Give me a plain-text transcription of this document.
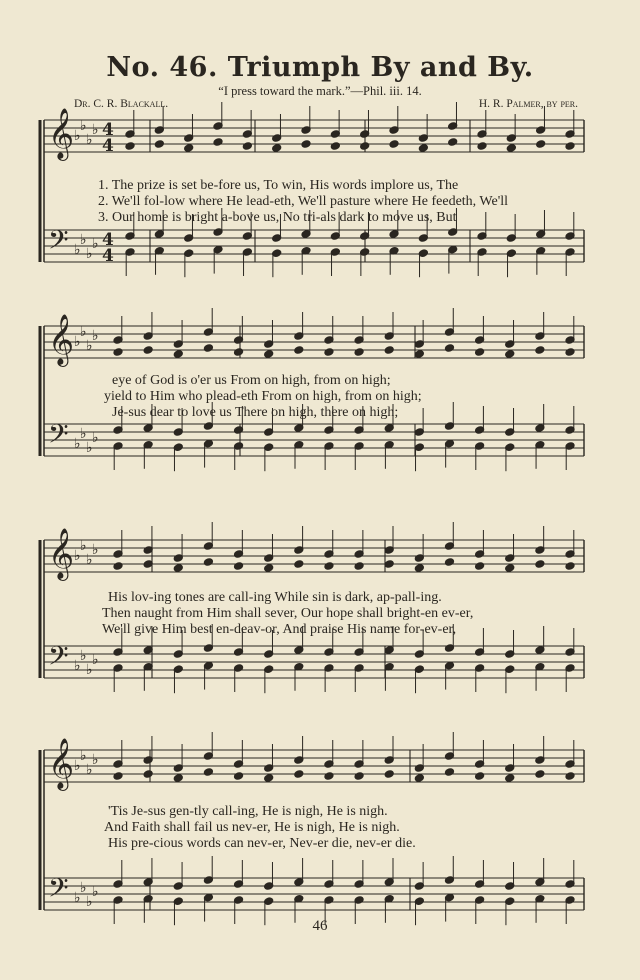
No. 46. Triumph By and By.
“I press toward the mark.”—Phil. iii. 14.
Dr. C. R. Blackall.	H. R. Palmer, by per.
𝄞
𝄢
♭
♭
♭
♭
♭
♭
♭
♭
4
4
4
4
𝄞
𝄢
♭
♭
♭
♭
♭
♭
♭
♭
𝄞
𝄢
♭
♭
♭
♭
♭
♭
♭
♭
𝄞
𝄢
♭
♭
♭
♭
♭
♭
♭
♭
1. The prize is set be-fore us, To win, His words implore us, The
2. We'll fol-low where He lead-eth, We'll pasture where He feedeth, We'll
3. Our home is bright a-bove us, No tri-als dark to move us, But
eye of God is o'er us From on high, from on high;
yield to Him who plead-eth From on high, from on high;
Je-sus dear to love us There on high, there on high;
His lov-ing tones are call-ing While sin is dark, ap-pall-ing.
Then naught from Him shall sever, Our hope shall bright-en ev-er,
We'll give Him best en-deav-or, And praise His name for-ev-er,
'Tis Je-sus gen-tly call-ing, He is nigh, He is nigh.
And Faith shall fail us nev-er, He is nigh, He is nigh.
His pre-cious words can nev-er, Nev-er die, nev-er die.
46
